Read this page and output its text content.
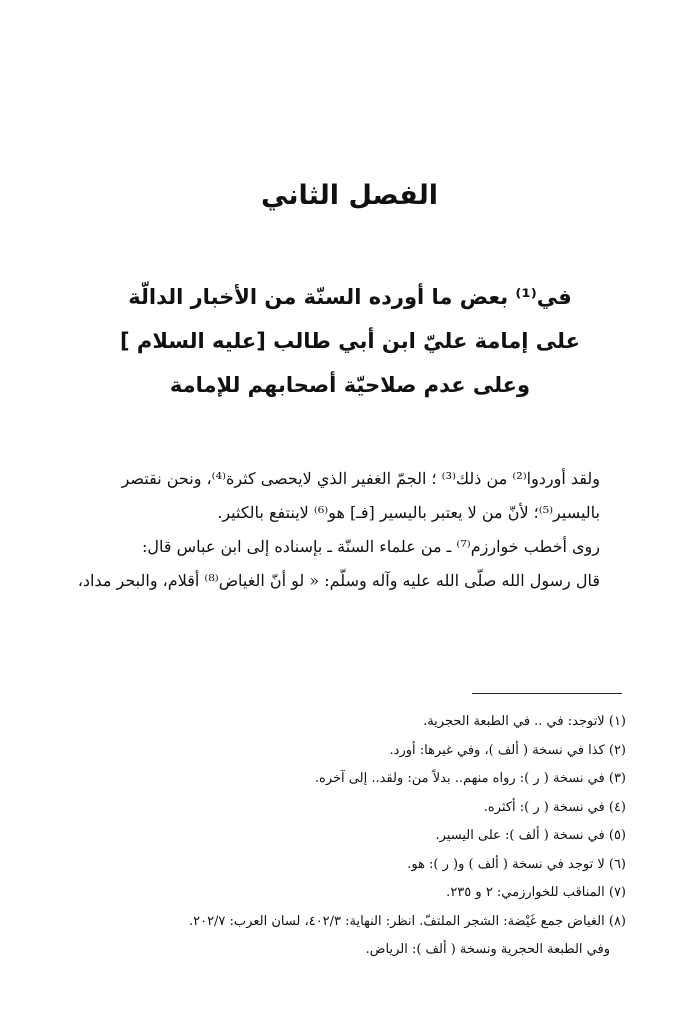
الفصل الثاني
في⁽¹⁾ بعض ما أورده السنّة من الأخبار الدالّة
على إمامة عليّ ابن أبي طالب [عليه السلام ]
وعلى عدم صلاحيّة أصحابهم للإمامة

ولقد أوردوا⁽²⁾ من ذلك⁽³⁾ ؛ الجمّ الغفير الذي لايحصى كثرة⁽⁴⁾، ونحن نقتصر
باليسير⁽⁵⁾؛ لأنّ من لا يعتبر باليسير [فـ] هو⁽⁶⁾ لاينتفع بالكثير.

روى أخطب خوارزم⁽⁷⁾ ـ من علماء السنّة ـ بإسناده إلى ابن عباس قال:
قال رسول الله صلّى الله عليه وآله وسلّم: « لو أنّ الغياض⁽⁸⁾ أقلام، والبحر مداد،

(١) لاتوجد: في .. في الطبعة الحجرية.
(٢) كذا في نسخة ( ألف )، وفي غيرها: أورد.
(٣) في نسخة ( ر ): رواه منهم.. بدلاً من: ولقد.. إلى آخره.
(٤) في نسخة ( ر ): أكثره.
(٥) في نسخة ( ألف ): على اليسير.
(٦) لا توجد في نسخة ( ألف ) و( ر ): هو.
(٧) المناقب للخوارزمي: ٢ و ٢٣٥.
(٨) الغياض جمع غَيْضة: الشجر الملتفّ. انظر: النهاية: ٤٠٢/٣، لسان العرب: ٢٠٢/٧.
وفي الطبعة الحجرية ونسخة ( ألف ): الرياض.
